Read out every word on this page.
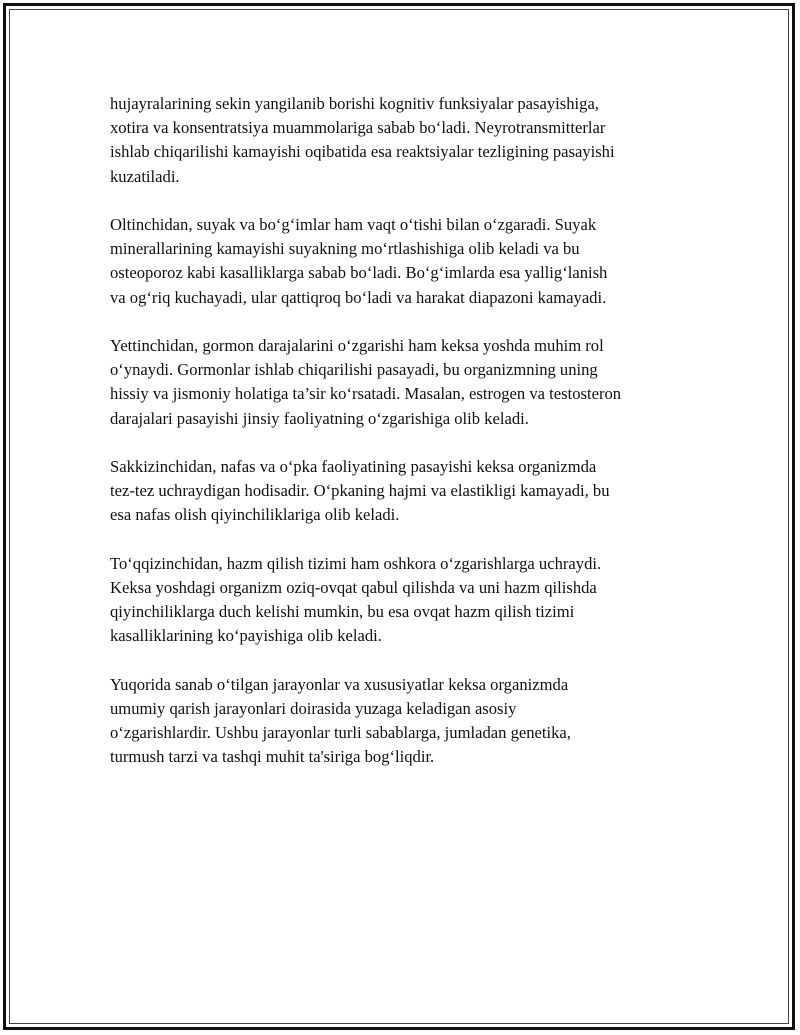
hujayralarining sekin yangilanib borishi kognitiv funksiyalar pasayishiga,
xotira va konsentratsiya muammolariga sabab bo‘ladi. Neyrotransmitterlar
ishlab chiqarilishi kamayishi oqibatida esa reaktsiyalar tezligining pasayishi
kuzatiladi.

Oltinchidan, suyak va bo‘g‘imlar ham vaqt o‘tishi bilan o‘zgaradi. Suyak
minerallarining kamayishi suyakning mo‘rtlashishiga olib keladi va bu
osteoporoz kabi kasalliklarga sabab bo‘ladi. Bo‘g‘imlarda esa yallig‘lanish
va og‘riq kuchayadi, ular qattiqroq bo‘ladi va harakat diapazoni kamayadi.

Yettinchidan, gormon darajalarini o‘zgarishi ham keksa yoshda muhim rol
o‘ynaydi. Gormonlar ishlab chiqarilishi pasayadi, bu organizmning uning
hissiy va jismoniy holatiga ta’sir ko‘rsatadi. Masalan, estrogen va testosteron
darajalari pasayishi jinsiy faoliyatning o‘zgarishiga olib keladi.

Sakkizinchidan, nafas va o‘pka faoliyatining pasayishi keksa organizmda
tez-tez uchraydigan hodisadir. O‘pkaning hajmi va elastikligi kamayadi, bu
esa nafas olish qiyinchiliklariga olib keladi.

To‘qqizinchidan, hazm qilish tizimi ham oshkora o‘zgarishlarga uchraydi.
Keksa yoshdagi organizm oziq-ovqat qabul qilishda va uni hazm qilishda
qiyinchiliklarga duch kelishi mumkin, bu esa ovqat hazm qilish tizimi
kasalliklarining ko‘payishiga olib keladi.

Yuqorida sanab o‘tilgan jarayonlar va xususiyatlar keksa organizmda
umumiy qarish jarayonlari doirasida yuzaga keladigan asosiy
o‘zgarishlardir. Ushbu jarayonlar turli sabablarga, jumladan genetika,
turmush tarzi va tashqi muhit ta'siriga bog‘liqdir.
